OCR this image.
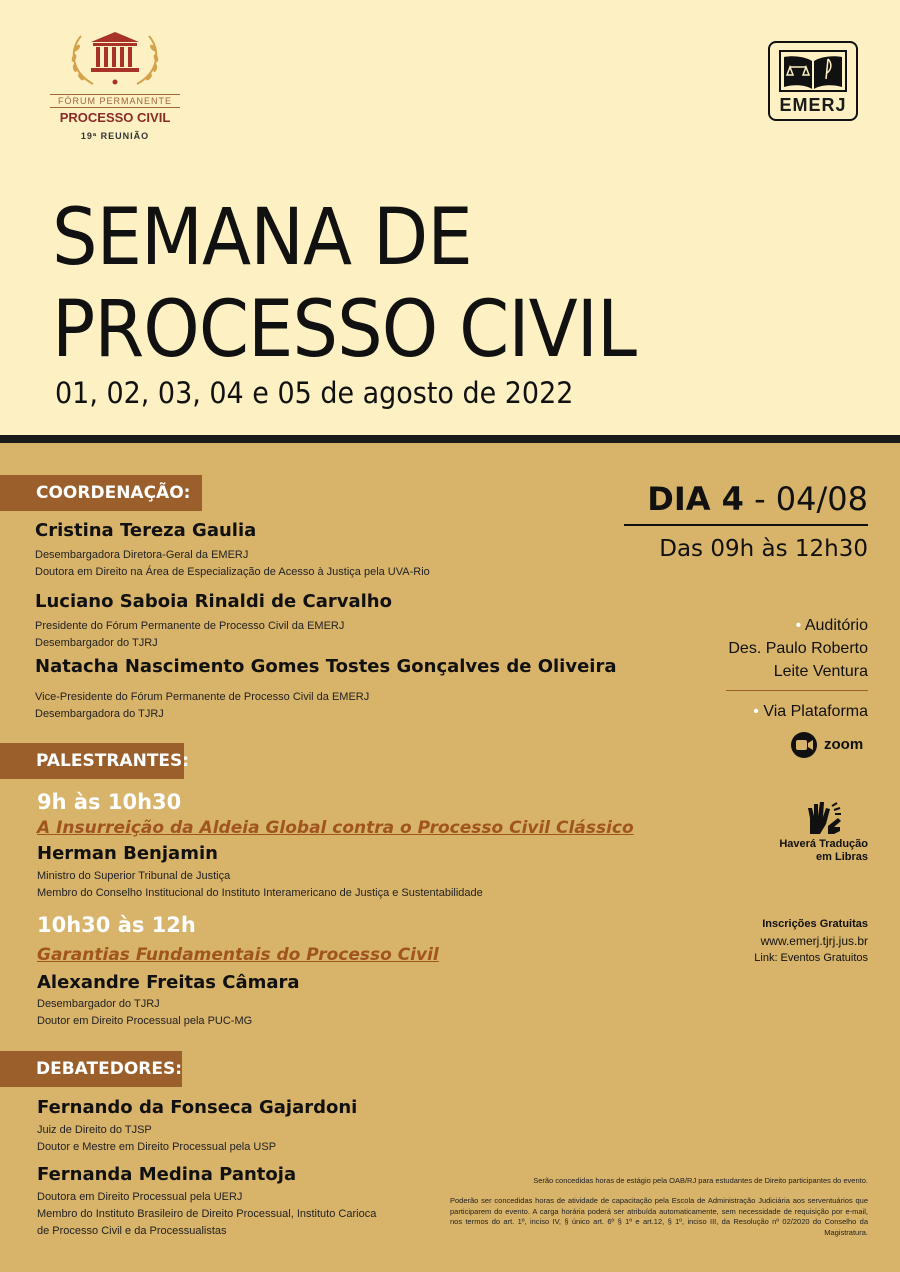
FÓRUM PERMANENTE
PROCESSO CIVIL
19ª REUNIÃO
EMERJ
SEMANA DE
PROCESSO CIVIL
01, 02, 03, 04 e 05 de agosto de 2022
COORDENAÇÃO:
Cristina Tereza Gaulia
Desembargadora Diretora-Geral da EMERJ
Doutora em Direito na Área de Especialização de Acesso à Justiça pela UVA-Rio
Luciano Saboia Rinaldi de Carvalho
Presidente do Fórum Permanente de Processo Civil da EMERJ
Desembargador do TJRJ
Natacha Nascimento Gomes Tostes Gonçalves de Oliveira
Vice-Presidente do Fórum Permanente de Processo Civil da EMERJ
Desembargadora do TJRJ
PALESTRANTES:
9h às 10h30
A Insurreição da Aldeia Global contra o Processo Civil Clássico
Herman Benjamin
Ministro do Superior Tribunal de Justiça
Membro do Conselho Institucional do Instituto Interamericano de Justiça e Sustentabilidade
10h30 às 12h
Garantias Fundamentais do Processo Civil
Alexandre Freitas Câmara
Desembargador do TJRJ
Doutor em Direito Processual pela PUC-MG
DEBATEDORES:
Fernando da Fonseca Gajardoni
Juiz de Direito do TJSP
Doutor e Mestre em Direito Processual pela USP
Fernanda Medina Pantoja
Doutora em Direito Processual pela UERJ
Membro do Instituto Brasileiro de Direito Processual, Instituto Carioca
de Processo Civil e da Processualistas
DIA 4 - 04/08
Das 09h às 12h30
• Auditório
Des. Paulo Roberto
Leite Ventura
• Via Plataforma
zoom
Haverá Tradução
em Libras
Inscrições Gratuitas
www.emerj.tjrj.jus.br
Link: Eventos Gratuitos
Serão concedidas horas de estágio pela OAB/RJ para estudantes de Direito participantes do evento.
Poderão ser concedidas horas de atividade de capacitação pela Escola de Administração Judiciária aos serventuários que participarem do evento. A carga horária poderá ser atribuída automaticamente, sem necessidade de requisição por e-mail, nos termos do art. 1º, inciso IV, § único art. 6º § 1º e art.12, § 1º, inciso III, da Resolução nº 02/2020 do Conselho da Magistratura.
